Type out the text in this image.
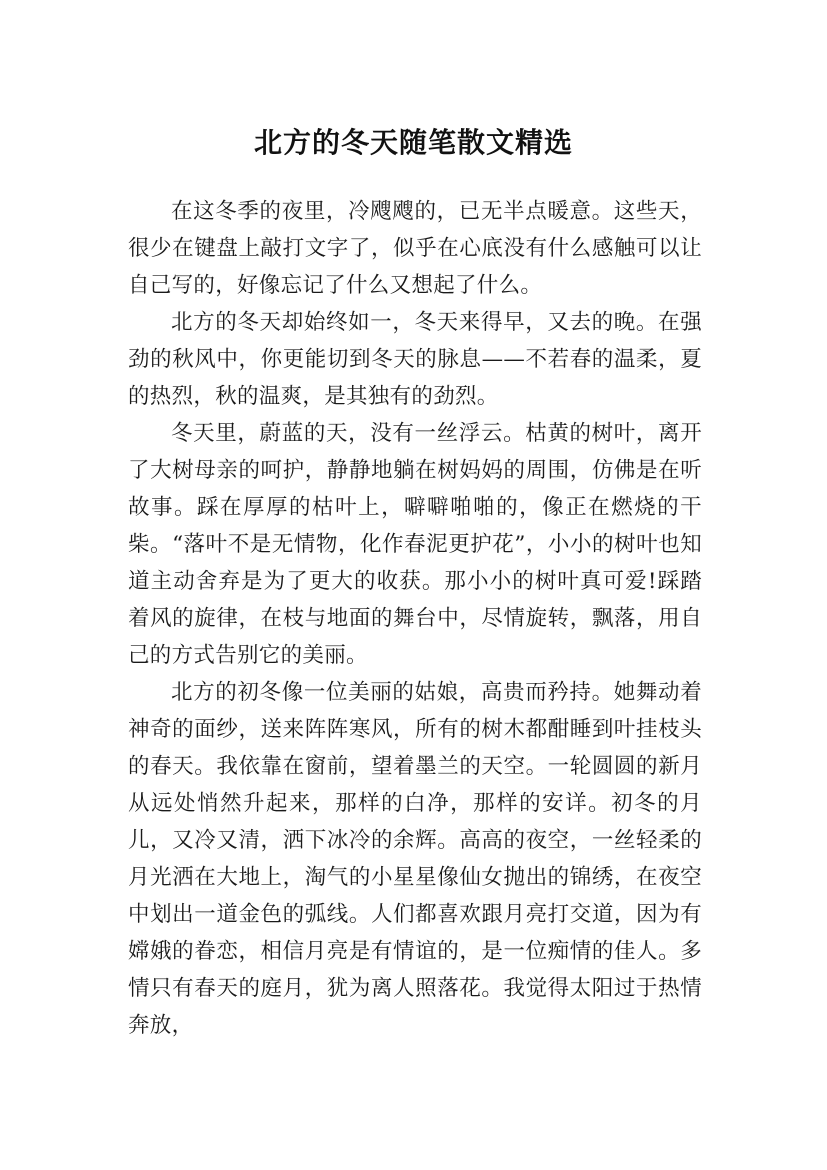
北方的冬天随笔散文精选

在这冬季的夜里，冷飕飕的，已无半点暖意。这些天，很少在键盘上敲打文字了，似乎在心底没有什么感触可以让自己写的，好像忘记了什么又想起了什么。

北方的冬天却始终如一，冬天来得早，又去的晚。在强劲的秋风中，你更能切到冬天的脉息——不若春的温柔，夏的热烈，秋的温爽，是其独有的劲烈。

冬天里，蔚蓝的天，没有一丝浮云。枯黄的树叶，离开了大树母亲的呵护，静静地躺在树妈妈的周围，仿佛是在听故事。踩在厚厚的枯叶上，噼噼啪啪的，像正在燃烧的干柴。“落叶不是无情物，化作春泥更护花”，小小的树叶也知道主动舍弃是为了更大的收获。那小小的树叶真可爱!踩踏着风的旋律，在枝与地面的舞台中，尽情旋转，飘落，用自己的方式告别它的美丽。

北方的初冬像一位美丽的姑娘，高贵而矜持。她舞动着神奇的面纱，送来阵阵寒风，所有的树木都酣睡到叶挂枝头的春天。我依靠在窗前，望着墨兰的天空。一轮圆圆的新月从远处悄然升起来，那样的白净，那样的安详。初冬的月儿，又冷又清，洒下冰冷的余辉。高高的夜空，一丝轻柔的月光洒在大地上，淘气的小星星像仙女抛出的锦绣，在夜空中划出一道金色的弧线。人们都喜欢跟月亮打交道，因为有嫦娥的眷恋，相信月亮是有情谊的，是一位痴情的佳人。多情只有春天的庭月，犹为离人照落花。我觉得太阳过于热情奔放，
